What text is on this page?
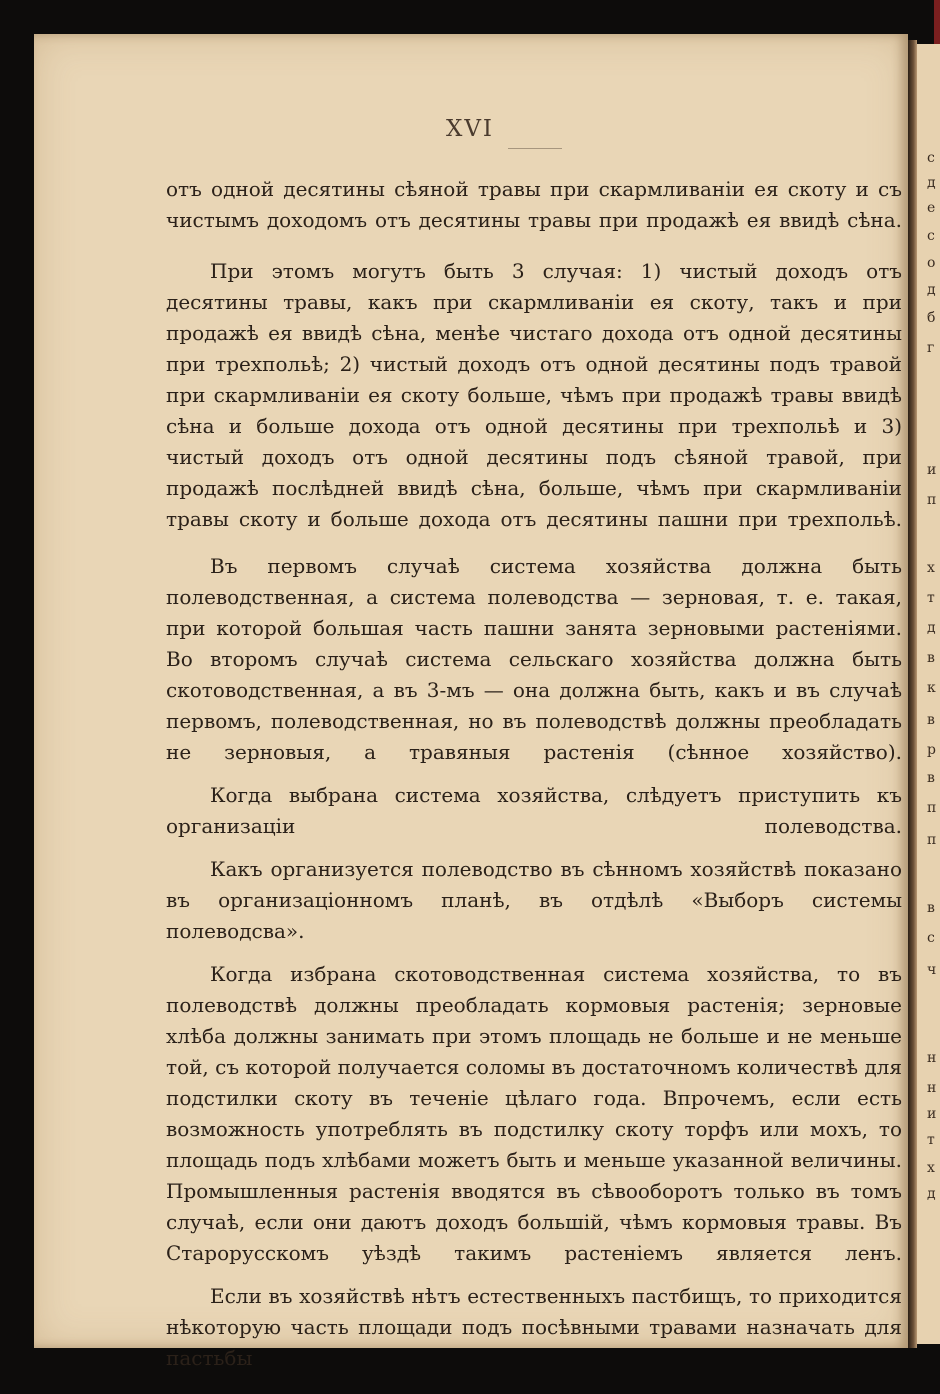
с
д
е
с
о
д
б
г
и
п
х
т
д
в
к
в
р
в
п
п
в
с
ч
н
н
и
т
х
д
XVI

отъ одной десятины сѣяной травы при скармливаніи ея скоту и съ чистымъ доходомъ отъ десятины травы при продажѣ ея ввидѣ сѣна.

При этомъ могутъ быть 3 случая: 1) чистый доходъ отъ десятины травы, какъ при скармливаніи ея скоту, такъ и при продажѣ ея ввидѣ сѣна, менѣе чистаго дохода отъ одной десятины при трехпольѣ; 2) чистый доходъ отъ одной десятины подъ травой при скармливаніи ея скоту больше, чѣмъ при продажѣ травы ввидѣ сѣна и больше дохода отъ одной десятины при трехпольѣ и 3) чистый доходъ отъ одной десятины подъ сѣяной травой, при продажѣ послѣдней ввидѣ сѣна, больше, чѣмъ при скармливаніи травы скоту и больше дохода отъ десятины пашни при трехпольѣ.

Въ первомъ случаѣ система хозяйства должна быть полеводственная, а система полеводства — зерновая, т. е. такая, при которой большая часть пашни занята зерновыми растеніями. Во второмъ случаѣ система сельскаго хозяйства должна быть скотоводственная, а въ 3-мъ — она должна быть, какъ и въ случаѣ первомъ, полеводственная, но въ полеводствѣ должны преобладать не зерновыя, а травяныя растенія (сѣнное хозяйство).

Когда выбрана система хозяйства, слѣдуетъ приступить къ организаціи полеводства.

Какъ организуется полеводство въ сѣнномъ хозяйствѣ показано въ организаціонномъ планѣ, въ отдѣлѣ «Выборъ системы полеводсва».

Когда избрана скотоводственная система хозяйства, то въ полеводствѣ должны преобладать кормовыя растенія; зерновые хлѣба должны занимать при этомъ площадь не больше и не меньше той, съ которой получается соломы въ достаточномъ количествѣ для подстилки скоту въ теченіе цѣлаго года. Впрочемъ, если есть возможность употреблять въ подстилку скоту торфъ или мохъ, то площадь подъ хлѣбами можетъ быть и меньше указанной величины. Промышленныя растенія вводятся въ сѣвооборотъ только въ томъ случаѣ, если они даютъ доходъ большій, чѣмъ кормовыя травы. Въ Старорусскомъ уѣздѣ такимъ растеніемъ является ленъ.

Если въ хозяйствѣ нѣтъ естественныхъ пастбищъ, то приходится нѣкоторую часть площади подъ посѣвными травами назначать для пастьбы
